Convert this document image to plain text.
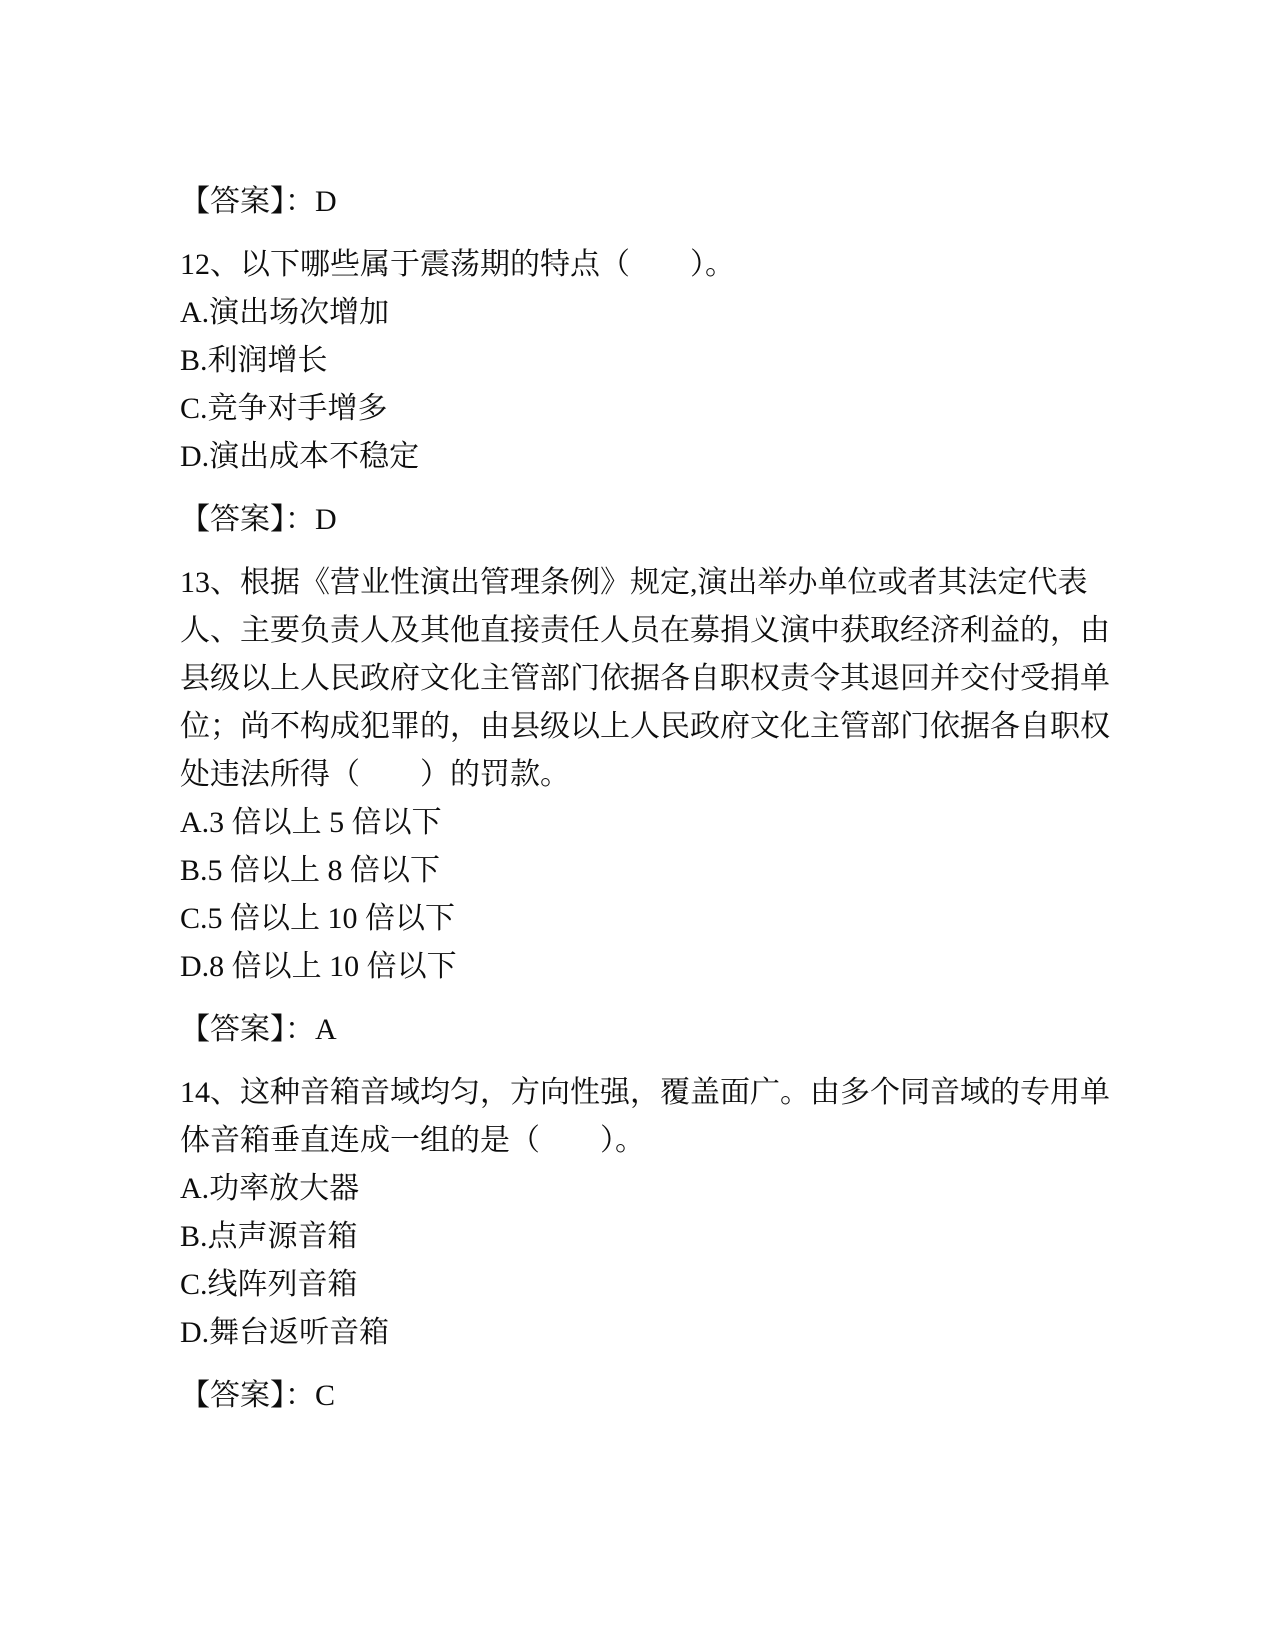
【答案】：D

12、以下哪些属于震荡期的特点（　　）。

A.演出场次增加

B.利润增长

C.竞争对手增多

D.演出成本不稳定

【答案】：D

13、根据《营业性演出管理条例》规定,演出举办单位或者其法定代表人、主要负责人及其他直接责任人员在募捐义演中获取经济利益的，由县级以上人民政府文化主管部门依据各自职权责令其退回并交付受捐单位；尚不构成犯罪的，由县级以上人民政府文化主管部门依据各自职权处违法所得（　　）的罚款。

A.3 倍以上 5 倍以下

B.5 倍以上 8 倍以下

C.5 倍以上 10 倍以下

D.8 倍以上 10 倍以下

【答案】：A

14、这种音箱音域均匀，方向性强，覆盖面广。由多个同音域的专用单体音箱垂直连成一组的是（　　）。

A.功率放大器

B.点声源音箱

C.线阵列音箱

D.舞台返听音箱

【答案】：C
